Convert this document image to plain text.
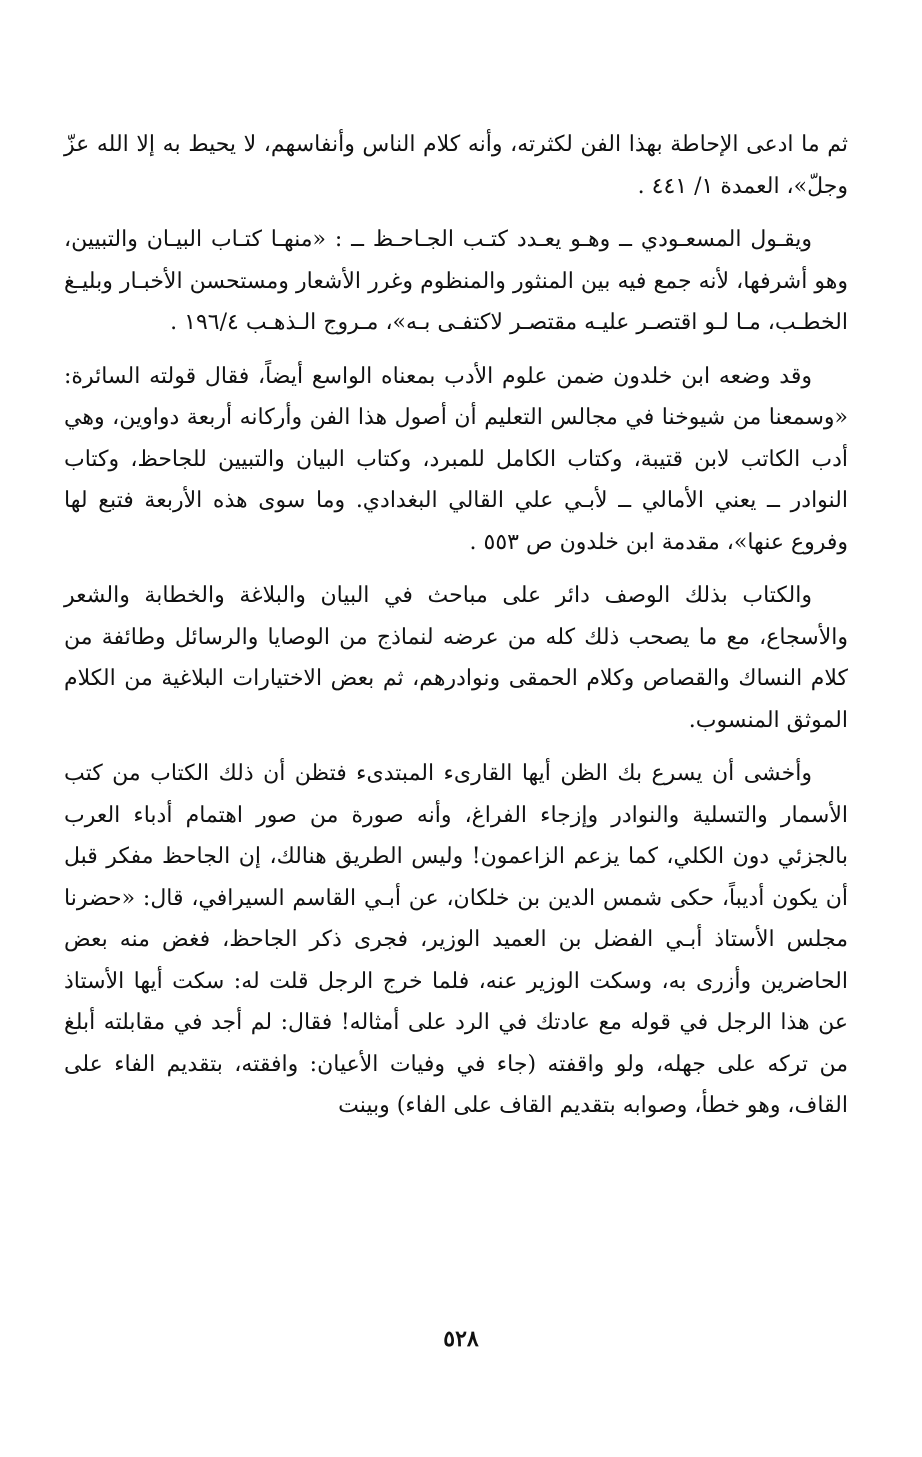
ثم ما ادعى الإحاطة بهذا الفن لكثرته، وأنه كلام الناس وأنفاسهم، لا يحيط به إلا الله عزّ وجلّ»، العمدة ١/ ٤٤١ .

ويقـول المسعـودي ــ وهـو يعـدد كتـب الجـاحـظ ــ : «منهـا كتـاب البيـان والتبيين، وهو أشرفها، لأنه جمع فيه بين المنثور والمنظوم وغرر الأشعار ومستحسن الأخبـار وبليـغ الخطـب، مـا لـو اقتصـر عليـه مقتصـر لاكتفـى بـه»، مـروج الـذهـب ١٩٦/٤ .

وقد وضعه ابن خلدون ضمن علوم الأدب بمعناه الواسع أيضاً، فقال قولته السائرة: «وسمعنا من شيوخنا في مجالس التعليم أن أصول هذا الفن وأركانه أربعة دواوين، وهي أدب الكاتب لابن قتيبة، وكتاب الكامل للمبرد، وكتاب البيان والتبيين للجاحظ، وكتاب النوادر ــ يعني الأمالي ــ لأبـي علي القالي البغدادي. وما سوى هذه الأربعة فتبع لها وفروع عنها»، مقدمة ابن خلدون ص ٥٥٣ .

والكتاب بذلك الوصف دائر على مباحث في البيان والبلاغة والخطابة والشعر والأسجاع، مع ما يصحب ذلك كله من عرضه لنماذج من الوصايا والرسائل وطائفة من كلام النساك والقصاص وكلام الحمقى ونوادرهم، ثم بعض الاختيارات البلاغية من الكلام الموثق المنسوب.

وأخشى أن يسرع بك الظن أيها القارىء المبتدىء فتظن أن ذلك الكتاب من كتب الأسمار والتسلية والنوادر وإزجاء الفراغ، وأنه صورة من صور اهتمام أدباء العرب بالجزئي دون الكلي، كما يزعم الزاعمون! وليس الطريق هنالك، إن الجاحظ مفكر قبل أن يكون أديباً، حكى شمس الدين بن خلكان، عن أبـي القاسم السيرافي، قال: «حضرنا مجلس الأستاذ أبـي الفضل بن العميد الوزير، فجرى ذكر الجاحظ، فغض منه بعض الحاضرين وأزرى به، وسكت الوزير عنه، فلما خرج الرجل قلت له: سكت أيها الأستاذ عن هذا الرجل في قوله مع عادتك في الرد على أمثاله! فقال: لم أجد في مقابلته أبلغ من تركه على جهله، ولو واقفته (جاء في وفيات الأعيان: وافقته، بتقديم الفاء على القاف، وهو خطأ، وصوابه بتقديم القاف على الفاء) وبينت

٥٢٨
